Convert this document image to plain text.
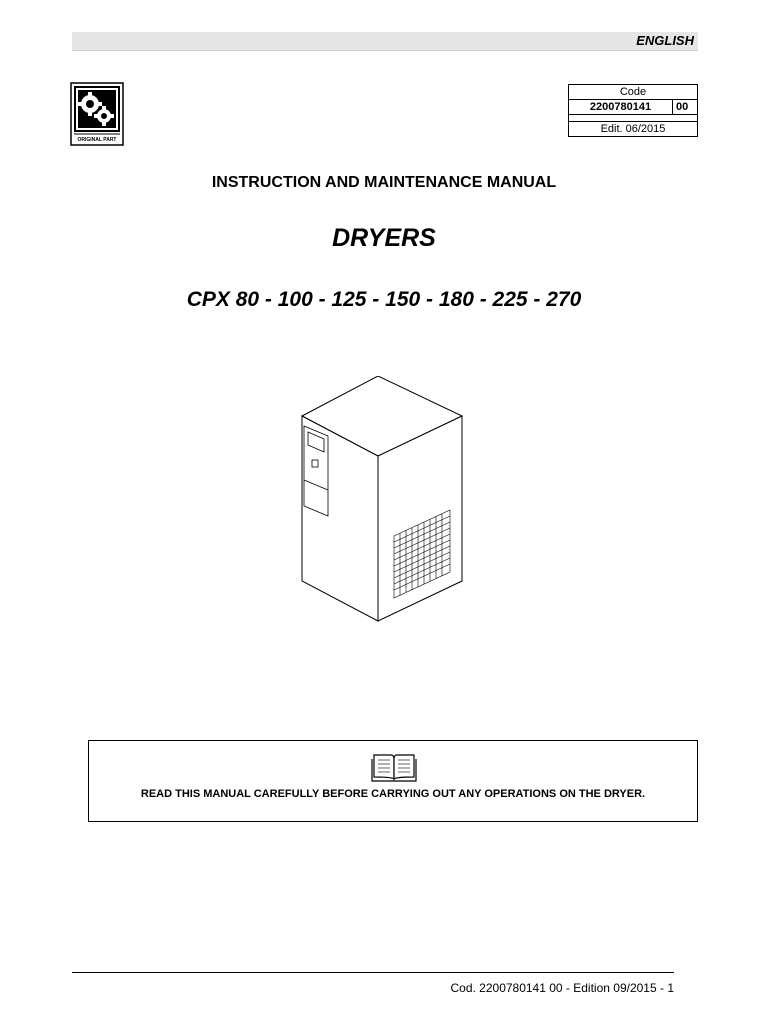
ENGLISH
ORIGINAL PART
Code
2200780141	00

Edit. 06/2015
INSTRUCTION AND MAINTENANCE MANUAL
DRYERS
CPX 80 - 100 - 125 - 150 - 180 - 225 - 270
READ THIS MANUAL CAREFULLY BEFORE CARRYING OUT ANY OPERATIONS ON THE DRYER.
Cod. 2200780141 00 - Edition 09/2015 - 1
